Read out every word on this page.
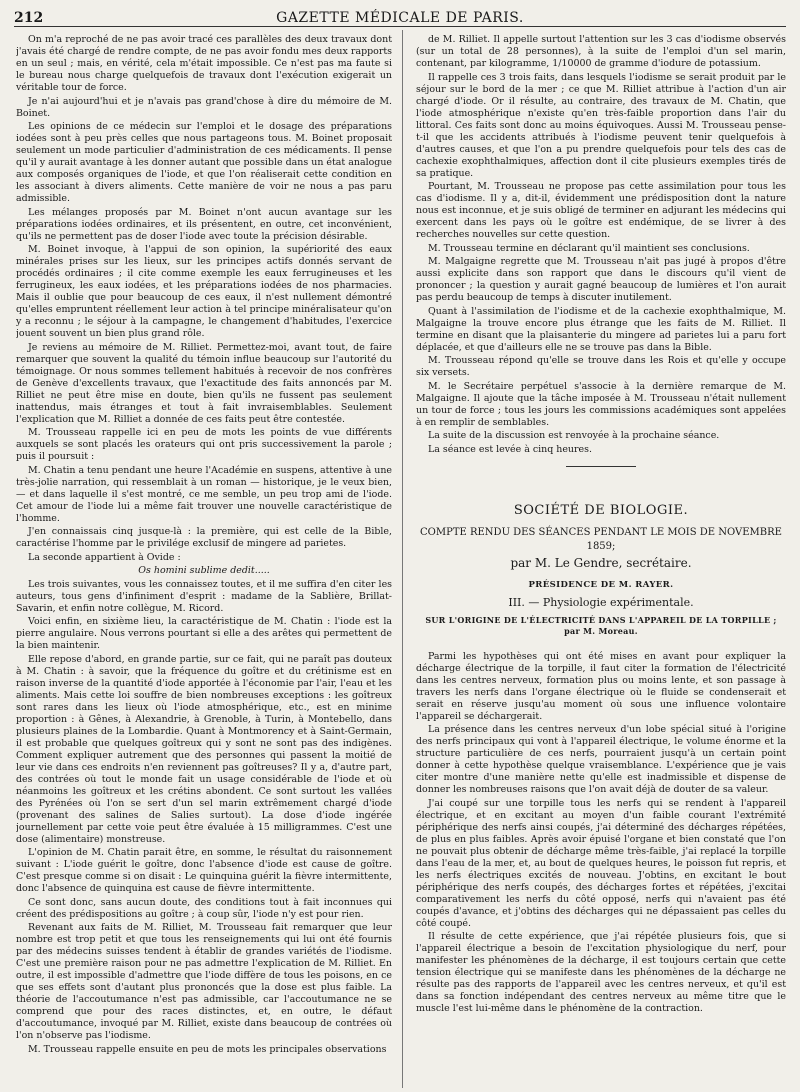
212	GAZETTE MÉDICALE DE PARIS.

On m'a reproché de ne pas avoir tracé ces parallèles des deux travaux dont j'avais été chargé de rendre compte, de ne pas avoir fondu mes deux rapports en un seul ; mais, en vérité, cela m'était impossible. Ce n'est pas ma faute si le bureau nous charge quelquefois de travaux dont l'exécution exigerait un véritable tour de force.

Je n'ai aujourd'hui et je n'avais pas grand'chose à dire du mémoire de M. Boinet.

Les opinions de ce médecin sur l'emploi et le dosage des préparations iodées sont à peu près celles que nous partageons tous. M. Boinet proposait seulement un mode particulier d'administration de ces médicaments. Il pense qu'il y aurait avantage à les donner autant que possible dans un état analogue aux composés organiques de l'iode, et que l'on réaliserait cette condition en les associant à divers aliments. Cette manière de voir ne nous a pas paru admissible.

Les mélanges proposés par M. Boinet n'ont aucun avantage sur les préparations iodées ordinaires, et ils présentent, en outre, cet inconvénient, qu'ils ne permettent pas de doser l'iode avec toute la précision désirable.

M. Boinet invoque, à l'appui de son opinion, la supériorité des eaux minérales prises sur les lieux, sur les principes actifs donnés servant de procédés ordinaires ; il cite comme exemple les eaux ferrugineuses et les ferrugineux, les eaux iodées, et les préparations iodées de nos pharmacies. Mais il oublie que pour beaucoup de ces eaux, il n'est nullement démontré qu'elles empruntent réellement leur action à tel principe minéralisateur qu'on y a reconnu ; le séjour à la campagne, le changement d'habitudes, l'exercice jouent souvent un bien plus grand rôle.

Je reviens au mémoire de M. Rilliet. Permettez-moi, avant tout, de faire remarquer que souvent la qualité du témoin influe beaucoup sur l'autorité du témoignage. Or nous sommes tellement habitués à recevoir de nos confrères de Genève d'excellents travaux, que l'exactitude des faits annoncés par M. Rilliet ne peut être mise en doute, bien qu'ils ne fussent pas seulement inattendus, mais étranges et tout à fait invraisemblables. Seulement l'explication que M. Rilliet a donnée de ces faits peut être contestée.

M. Trousseau rappelle ici en peu de mots les points de vue différents auxquels se sont placés les orateurs qui ont pris successivement la parole ; puis il poursuit :

M. Chatin a tenu pendant une heure l'Académie en suspens, attentive à une très-jolie narration, qui ressemblait à un roman — historique, je le veux bien, — et dans laquelle il s'est montré, ce me semble, un peu trop ami de l'iode. Cet amour de l'iode lui a même fait trouver une nouvelle caractéristique de l'homme.

J'en connaissais cinq jusque-là : la première, qui est celle de la Bible, caractérise l'homme par le privilége exclusif de mingere ad parietes.

La seconde appartient à Ovide :

Os homini sublime dedit.....

Les trois suivantes, vous les connaissez toutes, et il me suffira d'en citer les auteurs, tous gens d'infiniment d'esprit : madame de la Sablière, Brillat-Savarin, et enfin notre collègue, M. Ricord.

Voici enfin, en sixième lieu, la caractéristique de M. Chatin : l'iode est la pierre angulaire. Nous verrons pourtant si elle a des arêtes qui permettent de la bien maintenir.

Elle repose d'abord, en grande partie, sur ce fait, qui ne paraît pas douteux à M. Chatin : à savoir, que la fréquence du goître et du crétinisme est en raison inverse de la quantité d'iode apportée à l'économie par l'air, l'eau et les aliments. Mais cette loi souffre de bien nombreuses exceptions : les goîtreux sont rares dans les lieux où l'iode atmosphérique, etc., est en minime proportion : à Gênes, à Alexandrie, à Grenoble, à Turin, à Montebello, dans plusieurs plaines de la Lombardie. Quant à Montmorency et à Saint-Germain, il est probable que quelques goîtreux qui y sont ne sont pas des indigènes. Comment expliquer autrement que des personnes qui passent la moitié de leur vie dans ces endroits n'en reviennent pas goîtreuses? Il y a, d'autre part, des contrées où tout le monde fait un usage considérable de l'iode et où néanmoins les goîtreux et les crétins abondent. Ce sont surtout les vallées des Pyrénées où l'on se sert d'un sel marin extrêmement chargé d'iode (provenant des salines de Salies surtout). La dose d'iode ingérée journellement par cette voie peut être évaluée à 15 milligrammes. C'est une dose (alimentaire) monstreuse.

L'opinion de M. Chatin parait être, en somme, le résultat du raisonnement suivant : L'iode guérit le goître, donc l'absence d'iode est cause de goître. C'est presque comme si on disait : Le quinquina guérit la fièvre intermittente, donc l'absence de quinquina est cause de fièvre intermittente.

Ce sont donc, sans aucun doute, des conditions tout à fait inconnues qui créent des prédispositions au goître ; à coup sûr, l'iode n'y est pour rien.

Revenant aux faits de M. Rilliet, M. Trousseau fait remarquer que leur nombre est trop petit et que tous les renseignements qui lui ont été fournis par des médecins suisses tendent à établir de grandes variétés de l'iodisme. C'est une première raison pour ne pas admettre l'explication de M. Rilliet. En outre, il est impossible d'admettre que l'iode diffère de tous les poisons, en ce que ses effets sont d'autant plus prononcés que la dose est plus faible. La théorie de l'accoutumance n'est pas admissible, car l'accoutumance ne se comprend que pour des races distinctes, et, en outre, le défaut d'accoutumance, invoqué par M. Rilliet, existe dans beaucoup de contrées où l'on n'observe pas l'iodisme.

M. Trousseau rappelle ensuite en peu de mots les principales observations

de M. Rilliet. Il appelle surtout l'attention sur les 3 cas d'iodisme observés (sur un total de 28 personnes), à la suite de l'emploi d'un sel marin, contenant, par kilogramme, 1/10000 de gramme d'iodure de potassium.

Il rappelle ces 3 trois faits, dans lesquels l'iodisme se serait produit par le séjour sur le bord de la mer ; ce que M. Rilliet attribue à l'action d'un air chargé d'iode. Or il résulte, au contraire, des travaux de M. Chatin, que l'iode atmosphérique n'existe qu'en très-faible proportion dans l'air du littoral. Ces faits sont donc au moins équivoques. Aussi M. Trousseau pense-t-il que les accidents attribués à l'iodisme peuvent tenir quelquefois à d'autres causes, et que l'on a pu prendre quelquefois pour tels des cas de cachexie exophthalmiques, affection dont il cite plusieurs exemples tirés de sa pratique.

Pourtant, M. Trousseau ne propose pas cette assimilation pour tous les cas d'iodisme. Il y a, dit-il, évidemment une prédisposition dont la nature nous est inconnue, et je suis obligé de terminer en adjurant les médecins qui exercent dans les pays où le goître est endémique, de se livrer à des recherches nouvelles sur cette question.

M. Trousseau termine en déclarant qu'il maintient ses conclusions.

M. Malgaigne regrette que M. Trousseau n'ait pas jugé à propos d'être aussi explicite dans son rapport que dans le discours qu'il vient de prononcer ; la question y aurait gagné beaucoup de lumières et l'on aurait pas perdu beaucoup de temps à discuter inutilement.

Quant à l'assimilation de l'iodisme et de la cachexie exophthalmique, M. Malgaigne la trouve encore plus étrange que les faits de M. Rilliet. Il termine en disant que la plaisanterie du mingere ad parietes lui a paru fort déplacée, et que d'ailleurs elle ne se trouve pas dans la Bible.

M. Trousseau répond qu'elle se trouve dans les Rois et qu'elle y occupe six versets.

M. le Secrétaire perpétuel s'associe à la dernière remarque de M. Malgaigne. Il ajoute que la tâche imposée à M. Trousseau n'était nullement un tour de force ; tous les jours les commissions académiques sont appelées à en remplir de semblables.

La suite de la discussion est renvoyée à la prochaine séance.

La séance est levée à cinq heures.

SOCIÉTÉ DE BIOLOGIE.
COMPTE RENDU DES SÉANCES PENDANT LE MOIS DE NOVEMBRE 1859;
par M. Le Gendre, secrétaire.
PRÉSIDENCE DE M. RAYER.
III. — Physiologie expérimentale.
SUR L'ORIGINE DE L'ÉLECTRICITÉ DANS L'APPAREIL DE LA TORPILLE ;
par M. Moreau.

Parmi les hypothèses qui ont été mises en avant pour expliquer la décharge électrique de la torpille, il faut citer la formation de l'électricité dans les centres nerveux, formation plus ou moins lente, et son passage à travers les nerfs dans l'organe électrique où le fluide se condenserait et serait en réserve jusqu'au moment où sous une influence volontaire l'appareil se déchargerait.

La présence dans les centres nerveux d'un lobe spécial situé à l'origine des nerfs principaux qui vont à l'appareil électrique, le volume énorme et la structure particulière de ces nerfs, pourraient jusqu'à un certain point donner à cette hypothèse quelque vraisemblance. L'expérience que je vais citer montre d'une manière nette qu'elle est inadmissible et dispense de donner les nombreuses raisons que l'on avait déjà de douter de sa valeur.

J'ai coupé sur une torpille tous les nerfs qui se rendent à l'appareil électrique, et en excitant au moyen d'un faible courant l'extrémité périphérique des nerfs ainsi coupés, j'ai déterminé des décharges répétées, de plus en plus faibles. Après avoir épuisé l'organe et bien constaté que l'on ne pouvait plus obtenir de décharge même très-faible, j'ai replacé la torpille dans l'eau de la mer, et, au bout de quelques heures, le poisson fut repris, et les nerfs électriques excités de nouveau. J'obtins, en excitant le bout périphérique des nerfs coupés, des décharges fortes et répétées, j'excitai comparativement les nerfs du côté opposé, nerfs qui n'avaient pas été coupés d'avance, et j'obtins des décharges qui ne dépassaient pas celles du côté coupé.

Il résulte de cette expérience, que j'ai répétée plusieurs fois, que si l'appareil électrique a besoin de l'excitation physiologique du nerf, pour manifester les phénomènes de la décharge, il est toujours certain que cette tension électrique qui se manifeste dans les phénomènes de la décharge ne résulte pas des rapports de l'appareil avec les centres nerveux, et qu'il est dans sa fonction indépendant des centres nerveux au même titre que le muscle l'est lui-même dans le phénomène de la contraction.
